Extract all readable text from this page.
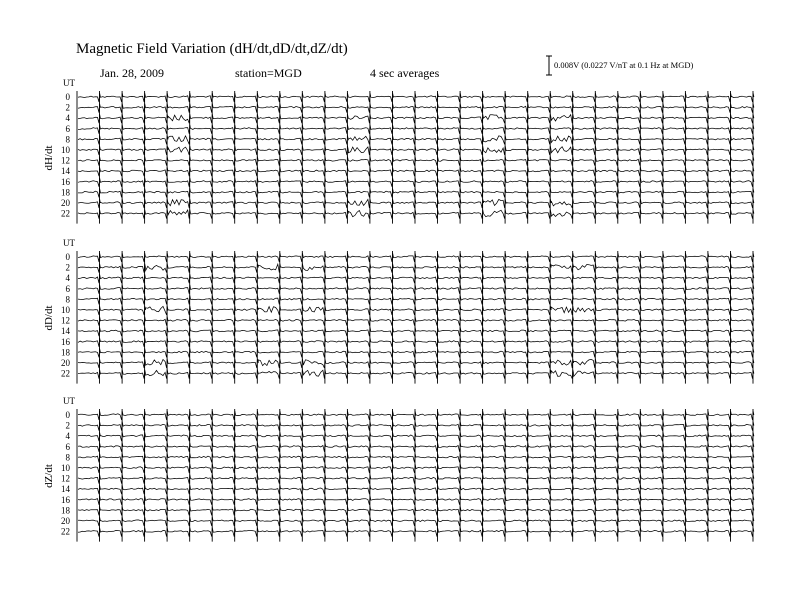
Magnetic Field Variation (dH/dt,dD/dt,dZ/dt)
Jan. 28, 2009	station=MGD	4 sec averages
0.008V (0.0227 V/nT at 0.1 Hz at MGD)
UT
dH/dt
0
2
4
6
8
10
12
14
16
18
20
22
UT
dD/dt
0
2
4
6
8
10
12
14
16
18
20
22
UT
dZ/dt
0
2
4
6
8
10
12
14
16
18
20
22
